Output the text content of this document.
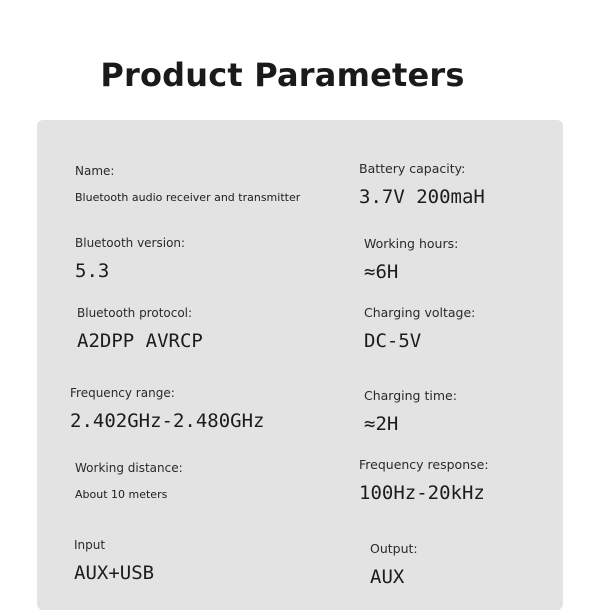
Product Parameters
Name:
Bluetooth audio receiver and transmitter
Bluetooth version:
5.3
Bluetooth protocol:
A2DPP AVRCP
Frequency range:
2.402GHz-2.480GHz
Working distance:
About 10 meters
Input
AUX+USB
Battery capacity:
3.7V 200maH
Working hours:
≈6H
Charging voltage:
DC-5V
Charging time:
≈2H
Frequency response:
100Hz-20kHz
Output:
AUX
